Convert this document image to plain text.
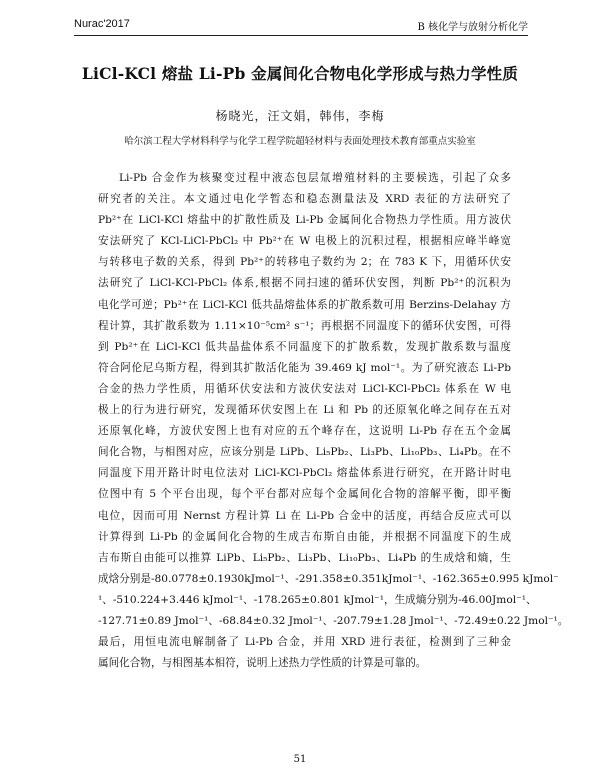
Nurac'2017	B 核化学与放射分析化学
LiCl-KCl 熔盐 Li-Pb 金属间化合物电化学形成与热力学性质
杨晓光，汪文娟，韩伟，李梅
哈尔滨工程大学材料科学与化学工程学院超轻材料与表面处理技术教育部重点实验室
Li-Pb 合金作为核聚变过程中液态包层氚增殖材料的主要候选，引起了众多
研究者的关注。本文通过电化学暂态和稳态测量法及 XRD 表征的方法研究了
Pb²⁺在 LiCl-KCl 熔盐中的扩散性质及 Li-Pb 金属间化合物热力学性质。用方波伏
安法研究了 KCl-LiCl-PbCl₂ 中 Pb²⁺在 W 电极上的沉积过程，根据相应峰半峰宽
与转移电子数的关系，得到 Pb²⁺的转移电子数约为 2；在 783 K 下，用循环伏安
法研究了 LiCl-KCl-PbCl₂ 体系,根据不同扫速的循环伏安图，判断 Pb²⁺的沉积为
电化学可逆；Pb²⁺在 LiCl-KCl 低共晶熔盐体系的扩散系数可用 Berzins-Delahay 方
程计算，其扩散系数为 1.11×10⁻⁵cm² s⁻¹；再根据不同温度下的循环伏安图，可得
到 Pb²⁺在 LiCl-KCl 低共晶盐体系不同温度下的扩散系数，发现扩散系数与温度
符合阿伦尼乌斯方程，得到其扩散活化能为 39.469 kJ mol⁻¹。为了研究液态 Li-Pb
合金的热力学性质，用循环伏安法和方波伏安法对 LiCl-KCl-PbCl₂ 体系在 W 电
极上的行为进行研究，发现循环伏安图上在 Li 和 Pb 的还原氧化峰之间存在五对
还原氧化峰，方波伏安图上也有对应的五个峰存在，这说明 Li-Pb 存在五个金属
间化合物，与相图对应，应该分别是 LiPb、Li₅Pb₂、Li₃Pb、Li₁₀Pb₃、Li₄Pb。在不
同温度下用开路计时电位法对 LiCl-KCl-PbCl₂ 熔盐体系进行研究，在开路计时电
位图中有 5 个平台出现，每个平台都对应每个金属间化合物的溶解平衡，即平衡
电位，因而可用 Nernst 方程计算 Li 在 Li-Pb 合金中的活度，再结合反应式可以
计算得到 Li-Pb 的金属间化合物的生成吉布斯自由能，并根据不同温度下的生成
吉布斯自由能可以推算 LiPb、Li₅Pb₂、Li₃Pb、Li₁₀Pb₃、Li₄Pb 的生成焓和熵，生
成焓分别是-80.0778±0.1930kJmol⁻¹、-291.358±0.351kJmol⁻¹、-162.365±0.995 kJmol⁻
¹、-510.224+3.446 kJmol⁻¹、-178.265±0.801 kJmol⁻¹，生成熵分别为-46.00Jmol⁻¹、
-127.71±0.89 Jmol⁻¹、-68.84±0.32 Jmol⁻¹、-207.79±1.28 Jmol⁻¹、-72.49±0.22 Jmol⁻¹。
最后，用恒电流电解制备了 Li-Pb 合金，并用 XRD 进行表征，检测到了三种金
属间化合物，与相图基本相符，说明上述热力学性质的计算是可靠的。
51
